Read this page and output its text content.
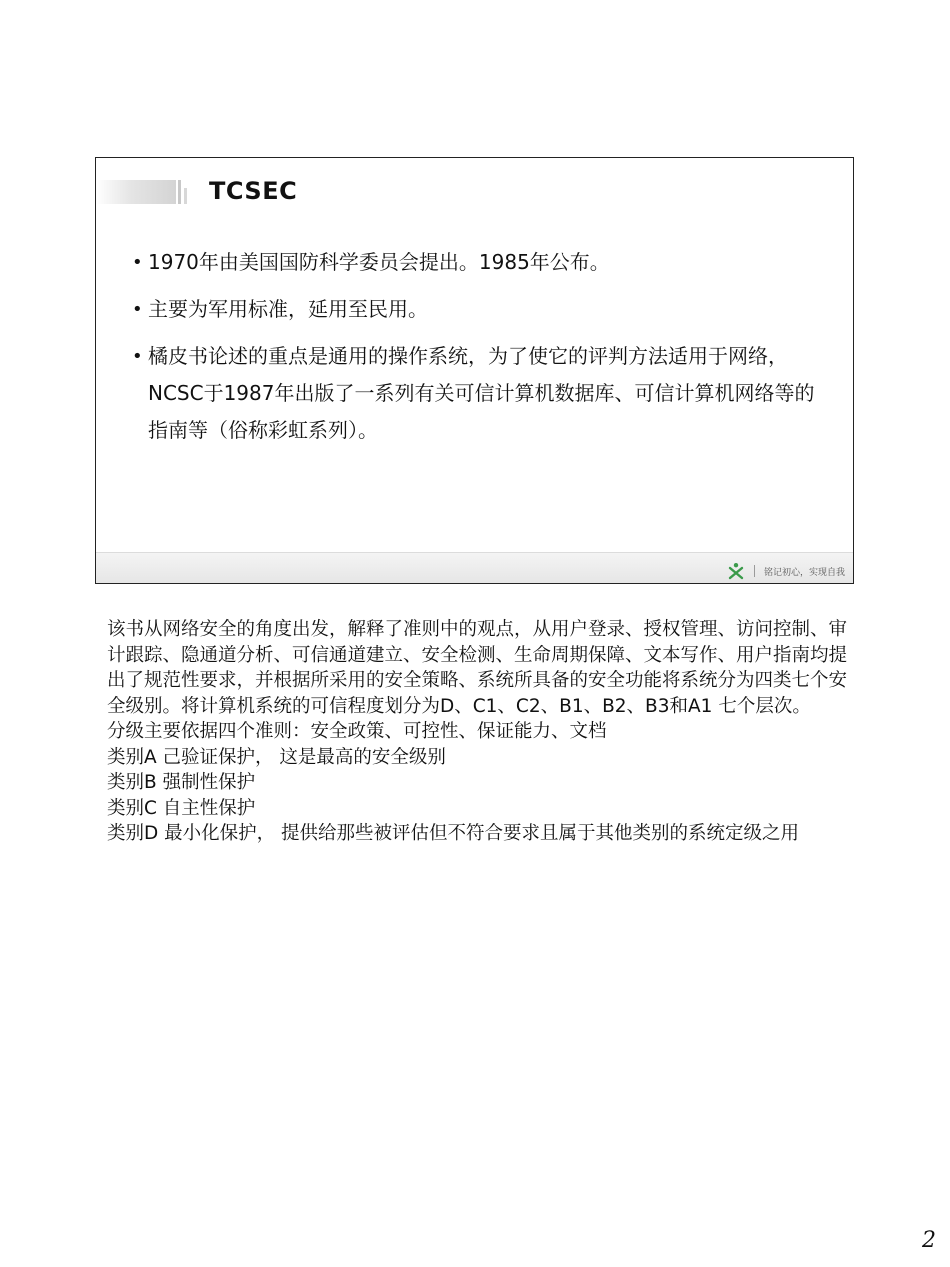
TCSEC
• 1970年由美国国防科学委员会提出。1985年公布。
• 主要为军用标准，延用至民用。
• 橘皮书论述的重点是通用的操作系统，为了使它的评判方法适用于网络，NCSC于1987年出版了一系列有关可信计算机数据库、可信计算机网络等的指南等（俗称彩虹系列）。
铭记初心，实现自我

该书从网络安全的角度出发，解释了准则中的观点，从用户登录、授权管理、访问控制、审计跟踪、隐通道分析、可信通道建立、安全检测、生命周期保障、文本写作、用户指南均提出了规范性要求，并根据所采用的安全策略、系统所具备的安全功能将系统分为四类七个安全级别。将计算机系统的可信程度划分为D、C1、C2、B1、B2、B3和A1 七个层次。

分级主要依据四个准则：安全政策、可控性、保证能力、文档

类别A 己验证保护， 这是最高的安全级别

类别B 强制性保护

类别C 自主性保护

类别D 最小化保护， 提供给那些被评估但不符合要求且属于其他类别的系统定级之用

2
